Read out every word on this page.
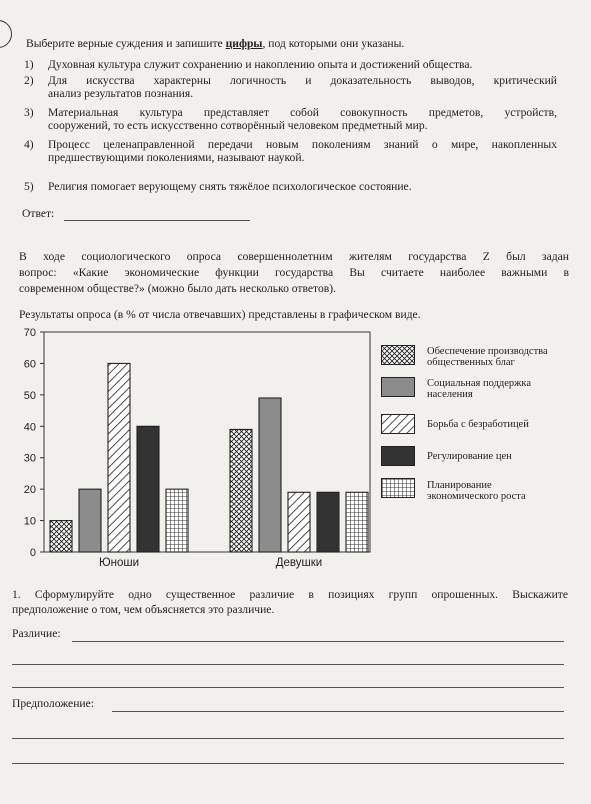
Выберите верные суждения и запишите цифры, под которыми они указаны.
1)	Духовная культура служит сохранению и накоплению опыта и достижений общества.
2)	Для искусства характерны логичность и доказательность выводов, критический
анализ результатов познания.
3)	Материальная культура представляет собой совокупность предметов, устройств,
сооружений, то есть искусственно сотворённый человеком предметный мир.
4)	Процесс целенаправленной передачи новым поколениям знаний о мире, накопленных
предшествующими поколениями, называют наукой.
5)	Религия помогает верующему снять тяжёлое психологическое состояние.
Ответ:
В ходе социологического опроса совершеннолетним жителям государства Z был задан
вопрос: «Какие экономические функции государства Вы считаете наиболее важными в
современном обществе?» (можно было дать несколько ответов).
Результаты опроса (в % от числа отвечавших) представлены в графическом виде.
0
10
20
30
40
50
60
70
Юноши	Девушки
Обеспечение производства
общественных благ
Социальная поддержка
населения
Борьба с безработицей
Регулирование цен
Планирование
экономического роста
1. Сформулируйте одно существенное различие в позициях групп опрошенных. Выскажите
предположение о том, чем объясняется это различие.
Различие:
Предположение:
